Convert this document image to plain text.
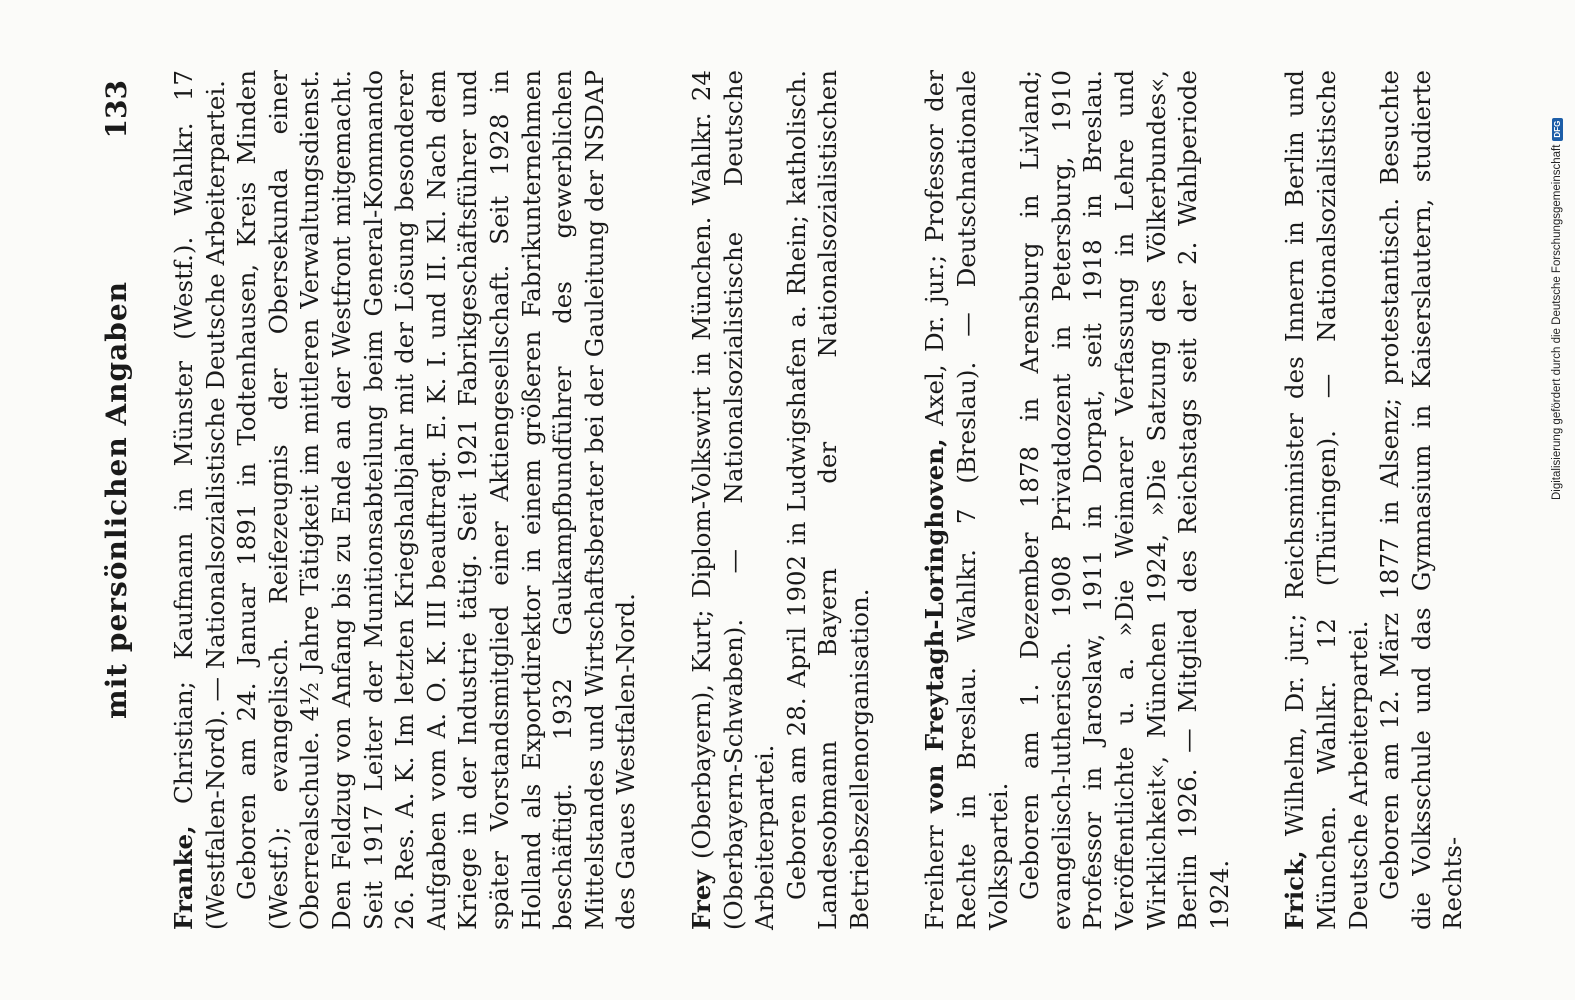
mit persönlichen Angaben
133

Franke, Christian; Kaufmann in Münster (Westf.). Wahlkr. 17 (Westfalen-Nord). — Nationalsozialistische Deutsche Arbeiterpartei. Geboren am 24. Januar 1891 in Todtenhausen, Kreis Minden (Westf.); evangelisch. Reifezeugnis der Obersekunda einer Oberrealschule. 4½ Jahre Tätigkeit im mittleren Verwaltungsdienst. Den Feldzug von Anfang bis zu Ende an der Westfront mitgemacht. Seit 1917 Leiter der Munitionsabteilung beim General-Kommando 26. Res. A. K. Im letzten Kriegshalbjahr mit der Lösung besonderer Aufgaben vom A. O. K. III beauftragt. E. K. I. und II. Kl. Nach dem Kriege in der Industrie tätig. Seit 1921 Fabrikgeschäftsführer und später Vorstandsmitglied einer Aktiengesellschaft. Seit 1928 in Holland als Exportdirektor in einem größeren Fabrikunternehmen beschäftigt. 1932 Gaukampfbundführer des gewerblichen Mittelstandes und Wirtschaftsberater bei der Gauleitung der NSDAP des Gaues Westfalen-Nord. Frey (Oberbayern), Kurt; Diplom-Volkswirt in München. Wahlkr. 24 (Oberbayern-Schwaben). — Nationalsozialistische Deutsche Arbeiterpartei. Geboren am 28. April 1902 in Ludwigshafen a. Rhein; katholisch. Landesobmann Bayern der Nationalsozialistischen Betriebszellenorganisation. Freiherr von Freytagh-Loringhoven, Axel, Dr. jur.; Professor der Rechte in Breslau. Wahlkr. 7 (Breslau). — Deutschnationale Volkspartei. Geboren am 1. Dezember 1878 in Arensburg in Livland; evangelisch-lutherisch. 1908 Privatdozent in Petersburg, 1910 Professor in Jaroslaw, 1911 in Dorpat, seit 1918 in Breslau. Veröffentlichte u. a. »Die Weimarer Verfassung in Lehre und Wirklichkeit«, München 1924, »Die Satzung des Völkerbundes«, Berlin 1926. — Mitglied des Reichstags seit der 2. Wahlperiode 1924. Frick, Wilhelm, Dr. jur.; Reichsminister des Innern in Berlin und München. Wahlkr. 12 (Thüringen). — Nationalsozialistische Deutsche Arbeiterpartei. Geboren am 12. März 1877 in Alsenz; protestantisch. Besuchte die Volksschule und das Gymnasium in Kaiserslautern, studierte Rechts-

Digitalisierung gefördert durch die Deutsche Forschungsgemeinschaft
DFG
